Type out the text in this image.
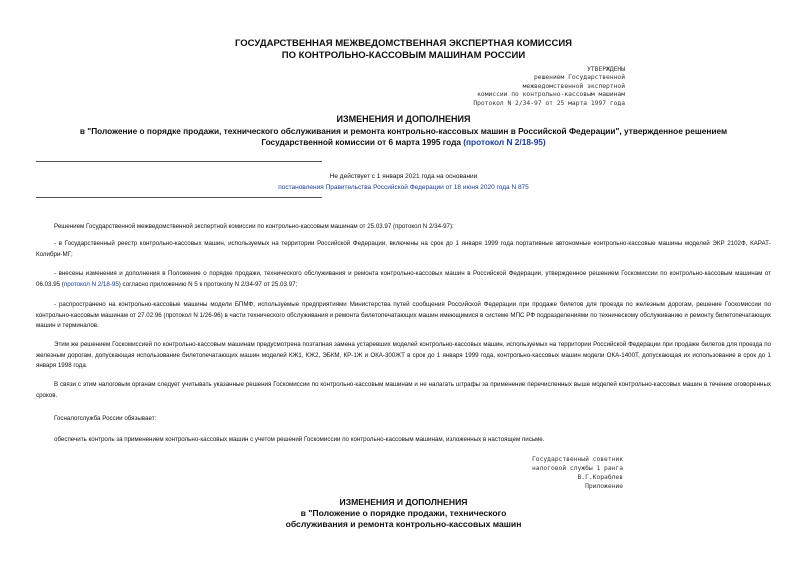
ГОСУДАРСТВЕННАЯ МЕЖВЕДОМСТВЕННАЯ ЭКСПЕРТНАЯ КОМИССИЯ
ПО КОНТРОЛЬНО-КАССОВЫМ МАШИНАМ РОССИИ
УТВЕРЖДЕНЫ
решением Государственной
межведомственной экспертной
комиссии по контрольно-кассовым машинам
Протокол N 2/34-97 от 25 марта 1997 года
ИЗМЕНЕНИЯ И ДОПОЛНЕНИЯ
в "Положение о порядке продажи, технического обслуживания и ремонта контрольно-кассовых машин в Российской Федерации", утвержденное решением
Государственной комиссии от 6 марта 1995 года (протокол N 2/18-95)
Не действует с 1 января 2021 года на основании
постановления Правительства Российской Федерации от 18 июня 2020 года N 875

Решением Государственной межведомственной экспертной комиссии по контрольно-кассовым машинам от 25.03.97 (протокол N 2/34-97):

- в Государственный реестр контрольно-кассовых машин, используемых на территории Российской Федерации, включены на срок до 1 января 1999 года портативные автономные контрольно-кассовые машины моделей ЭКР 2102Ф, КАРАТ-Колибри-МГ;

- внесены изменения и дополнения в Положение о порядке продажи, технического обслуживания и ремонта контрольно-кассовых машин в Российской Федерации, утвержденное решением Госкомиссии по контрольно-кассовым машинам от 06.03.95 (протокол N 2/18-95) согласно приложению N 5 к протоколу N 2/34-97 от 25.03.97;

- распространено на контрольно-кассовые машины модели БПМФ, используемые предприятиями Министерства путей сообщения Российской Федерации при продаже билетов для проезда по железным дорогам, решение Госкомиссии по контрольно-кассовым машинам от 27.02.96 (протокол N 1/26-96) в части технического обслуживания и ремонта билетопечатающих машин имеющимися в системе МПС РФ подразделениями по техническому обслуживанию и ремонту билетопечатающих машин и терминалов.

Этим же решением Госкомиссией по контрольно-кассовым машинам предусмотрена поэтапная замена устаревших моделей контрольно-кассовых машин, используемых на территории Российской Федерации при продаже билетов для проезда по железным дорогам, допускающая использование билетопечатающих машин моделей КЖ1, КЖ2, ЭБКМ, КР-1Ж и ОКА-300ЖТ в срок до 1 января 1999 года, контрольно-кассовых машин модели ОКА-1400Т, допускающая их использование в срок до 1 января 1998 года.

В связи с этим налоговым органам следует учитывать указанные решения Госкомиссии по контрольно-кассовым машинам и не налагать штрафы за применение перечисленных выше моделей контрольно-кассовых машин в течение оговоренных сроков.

Госналогслужба России обязывает:

обеспечить контроль за применением контрольно-кассовых машин с учетом решений Госкомиссии по контрольно-кассовым машинам, изложенных в настоящем письме.

Государственный советник
налоговой службы 1 ранга
В.Г.Кораблев
Приложение
ИЗМЕНЕНИЯ И ДОПОЛНЕНИЯ
в "Положение о порядке продажи, технического
обслуживания и ремонта контрольно-кассовых машин
